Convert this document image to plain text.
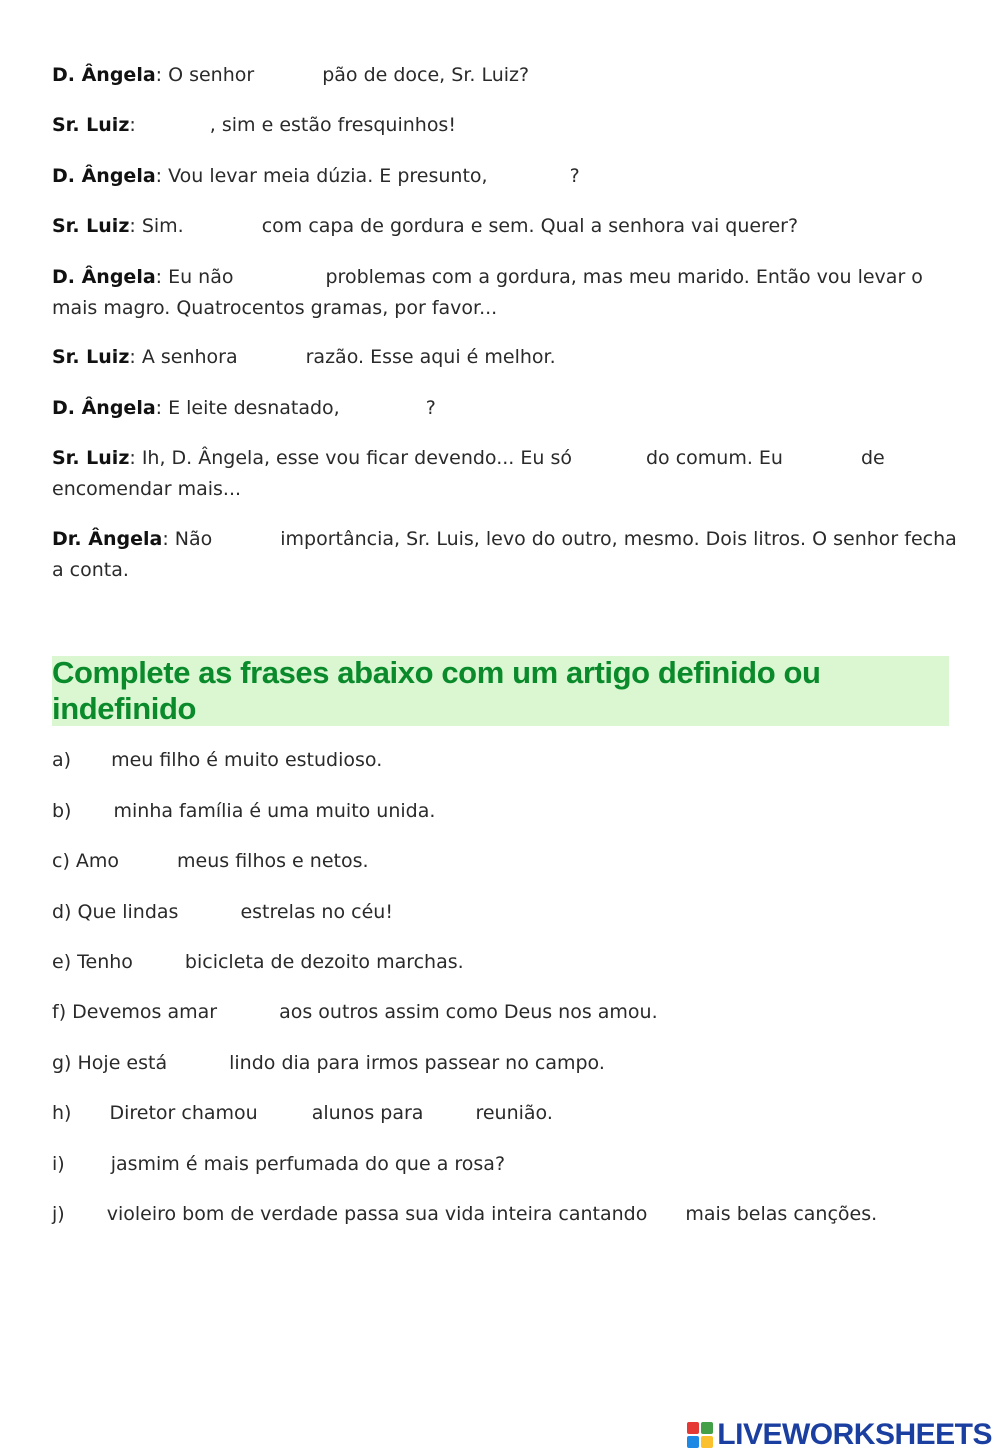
D. Ângela: O senhor	pão de doce, Sr. Luiz?
Sr. Luiz:	, sim e estão fresquinhos!
D. Ângela: Vou levar meia dúzia. E presunto,	?
Sr. Luiz: Sim.	com capa de gordura e sem. Qual a senhora vai querer?
D. Ângela: Eu não	problemas com a gordura, mas meu marido. Então vou levar o
mais magro. Quatrocentos gramas, por favor...
Sr. Luiz: A senhora	razão. Esse aqui é melhor.
D. Ângela: E leite desnatado,	?
Sr. Luiz: Ih, D. Ângela, esse vou ficar devendo... Eu só	do comum. Eu	de
encomendar mais...
Dr. Ângela: Não	importância, Sr. Luis, levo do outro, mesmo. Dois litros. O senhor fecha
a conta.
Complete as frases abaixo com um artigo definido ou indefinido
a) meu filho é muito estudioso.
b) minha família é uma muito unida.
c) Amo	meus filhos e netos.
d) Que lindas	estrelas no céu!
e) Tenho	bicicleta de dezoito marchas.
f) Devemos amar	aos outros assim como Deus nos amou.
g) Hoje está	lindo dia para irmos passear no campo.
h) Diretor chamou	alunos para	reunião.
i) jasmim é mais perfumada do que a rosa?
j) violeiro bom de verdade passa sua vida inteira cantando mais belas canções.
LIVEWORKSHEETS
